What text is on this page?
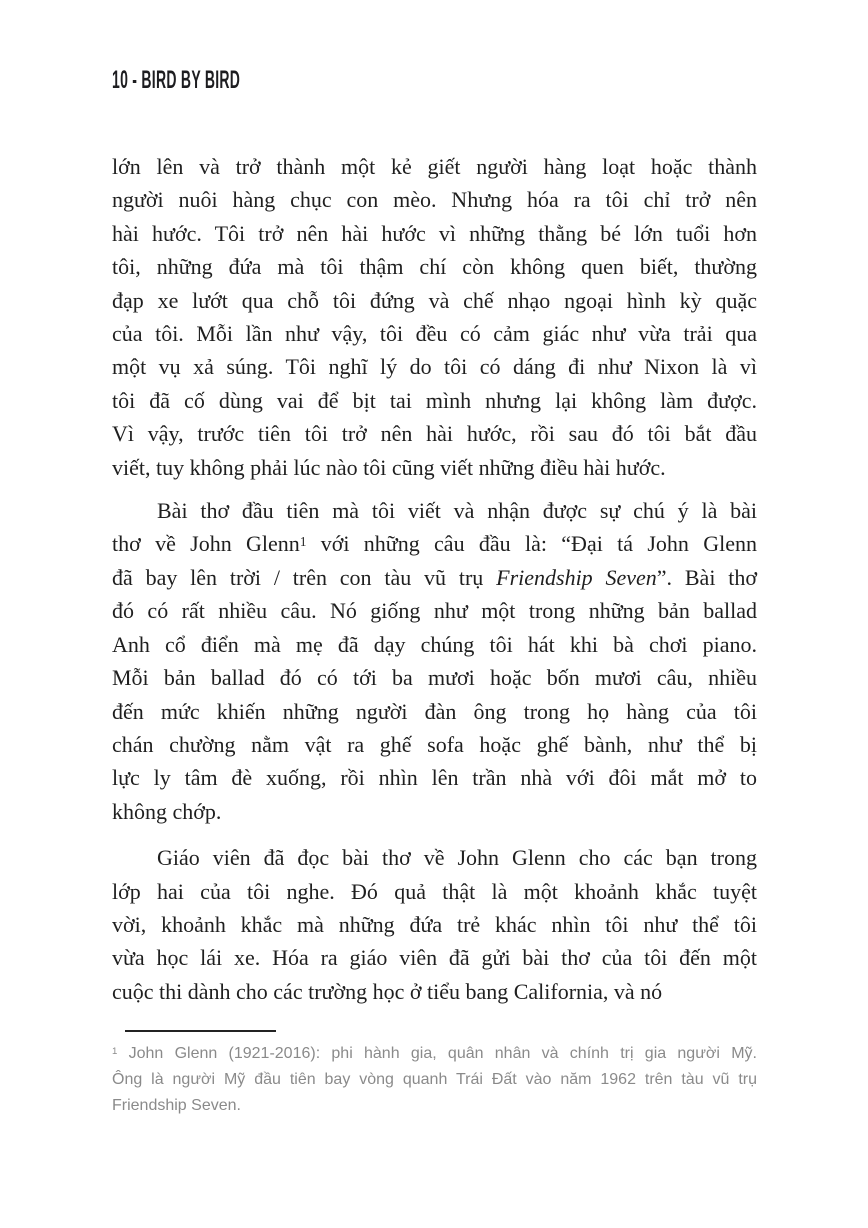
10 - BIRD BY BIRD
lớn lên và trở thành một kẻ giết người hàng loạt hoặc thành
người nuôi hàng chục con mèo. Nhưng hóa ra tôi chỉ trở nên
hài hước. Tôi trở nên hài hước vì những thằng bé lớn tuổi hơn
tôi, những đứa mà tôi thậm chí còn không quen biết, thường
đạp xe lướt qua chỗ tôi đứng và chế nhạo ngoại hình kỳ quặc
của tôi. Mỗi lần như vậy, tôi đều có cảm giác như vừa trải qua
một vụ xả súng. Tôi nghĩ lý do tôi có dáng đi như Nixon là vì
tôi đã cố dùng vai để bịt tai mình nhưng lại không làm được.
Vì vậy, trước tiên tôi trở nên hài hước, rồi sau đó tôi bắt đầu
viết, tuy không phải lúc nào tôi cũng viết những điều hài hước.
Bài thơ đầu tiên mà tôi viết và nhận được sự chú ý là bài
thơ về John Glenn$^1$ với những câu đầu là: “Đại tá John Glenn
đã bay lên trời / trên con tàu vũ trụ Friendship Seven”. Bài thơ
đó có rất nhiều câu. Nó giống như một trong những bản ballad
Anh cổ điển mà mẹ đã dạy chúng tôi hát khi bà chơi piano.
Mỗi bản ballad đó có tới ba mươi hoặc bốn mươi câu, nhiều
đến mức khiến những người đàn ông trong họ hàng của tôi
chán chường nằm vật ra ghế sofa hoặc ghế bành, như thể bị
lực ly tâm đè xuống, rồi nhìn lên trần nhà với đôi mắt mở to
không chớp.
Giáo viên đã đọc bài thơ về John Glenn cho các bạn trong
lớp hai của tôi nghe. Đó quả thật là một khoảnh khắc tuyệt
vời, khoảnh khắc mà những đứa trẻ khác nhìn tôi như thể tôi
vừa học lái xe. Hóa ra giáo viên đã gửi bài thơ của tôi đến một
cuộc thi dành cho các trường học ở tiểu bang California, và nó
$^1$ John Glenn (1921-2016): phi hành gia, quân nhân và chính trị gia người Mỹ.
Ông là người Mỹ đầu tiên bay vòng quanh Trái Đất vào năm 1962 trên tàu vũ trụ
Friendship Seven.
